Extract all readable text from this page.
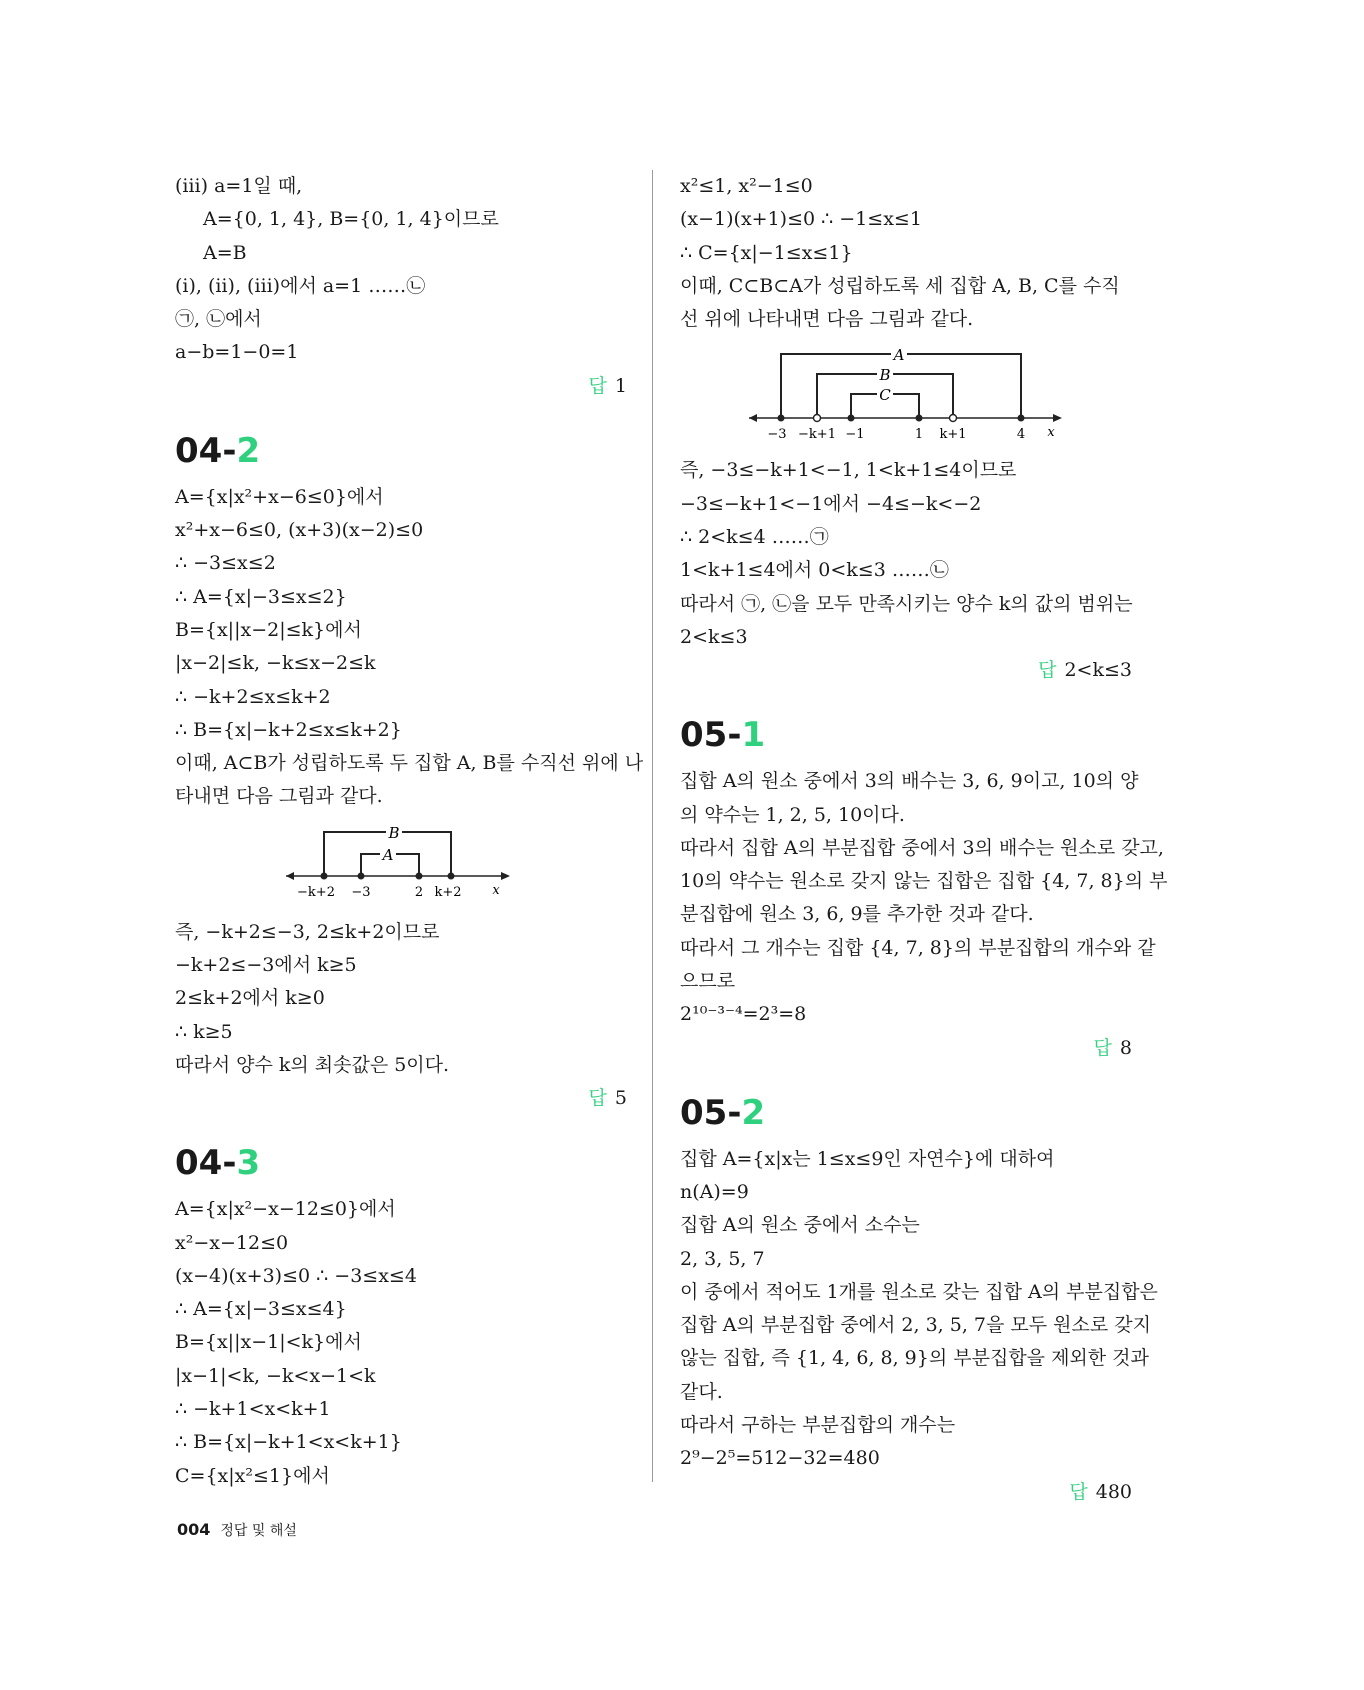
(ⅲ) a=1일 때,
A={0, 1, 4}, B={0, 1, 4}이므로
A=B
(ⅰ), (ⅱ), (ⅲ)에서 a=1 ……㉡
㉠, ㉡에서
a−b=1−0=1
답 1
04-2
A={x|x²+x−6≤0}에서
x²+x−6≤0, (x+3)(x−2)≤0
∴ −3≤x≤2
∴ A={x|−3≤x≤2}
B={x||x−2|≤k}에서
|x−2|≤k, −k≤x−2≤k
∴ −k+2≤x≤k+2
∴ B={x|−k+2≤x≤k+2}
이때, A⊂B가 성립하도록 두 집합 A, B를 수직선 위에 나
타내면 다음 그림과 같다.
B
A
−k+2 −3	2 k+2 x
즉, −k+2≤−3, 2≤k+2이므로
−k+2≤−3에서 k≥5
2≤k+2에서 k≥0
∴ k≥5
따라서 양수 k의 최솟값은 5이다.
답 5
04-3
A={x|x²−x−12≤0}에서
x²−x−12≤0
(x−4)(x+3)≤0 ∴ −3≤x≤4
∴ A={x|−3≤x≤4}
B={x||x−1|<k}에서
|x−1|<k, −k<x−1<k
∴ −k+1<x<k+1
∴ B={x|−k+1<x<k+1}
C={x|x²≤1}에서
x²≤1, x²−1≤0
(x−1)(x+1)≤0 ∴ −1≤x≤1
∴ C={x|−1≤x≤1}
이때, C⊂B⊂A가 성립하도록 세 집합 A, B, C를 수직
선 위에 나타내면 다음 그림과 같다.
A
B
C
−3 −k+1 −1	1 k+1	4 x
즉, −3≤−k+1<−1, 1<k+1≤4이므로
−3≤−k+1<−1에서 −4≤−k<−2
∴ 2<k≤4 ……㉠
1<k+1≤4에서 0<k≤3 ……㉡
따라서 ㉠, ㉡을 모두 만족시키는 양수 k의 값의 범위는
2<k≤3
답 2<k≤3
05-1
집합 A의 원소 중에서 3의 배수는 3, 6, 9이고, 10의 양
의 약수는 1, 2, 5, 10이다.
따라서 집합 A의 부분집합 중에서 3의 배수는 원소로 갖고,
10의 약수는 원소로 갖지 않는 집합은 집합 {4, 7, 8}의 부
분집합에 원소 3, 6, 9를 추가한 것과 같다.
따라서 그 개수는 집합 {4, 7, 8}의 부분집합의 개수와 같
으므로
2¹⁰⁻³⁻⁴=2³=8
답 8
05-2
집합 A={x|x는 1≤x≤9인 자연수}에 대하여
n(A)=9
집합 A의 원소 중에서 소수는
2, 3, 5, 7
이 중에서 적어도 1개를 원소로 갖는 집합 A의 부분집합은
집합 A의 부분집합 중에서 2, 3, 5, 7을 모두 원소로 갖지
않는 집합, 즉 {1, 4, 6, 8, 9}의 부분집합을 제외한 것과
같다.
따라서 구하는 부분집합의 개수는
2⁹−2⁵=512−32=480
답 480
004 정답 및 해설
